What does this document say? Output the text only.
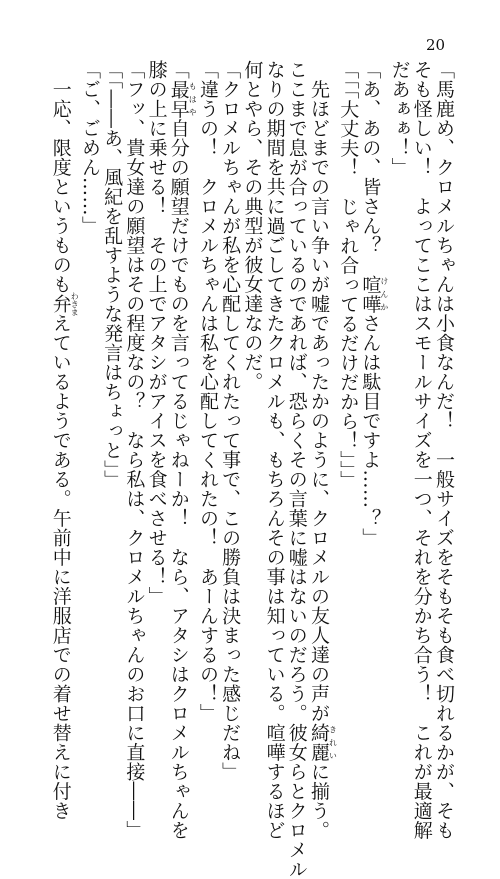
20
「馬鹿め、クロメルちゃんは小食なんだ！　一般サイズをそもそも食べ切れるかが、そも
そも怪しい！　よってここはスモールサイズを一つ、それを分かち合う！　これが最適解
だあぁぁ！」
「あ、あの、皆さん？　喧嘩けんかさんは駄目ですよ……？」
「「「大丈夫！　じゃれ合ってるだけだから！」」」
　先ほどまでの言い争いが嘘であったかのように、クロメルの友人達の声が綺麗きれいに揃う。
ここまで息が合っているのであれば、恐らくその言葉に嘘はないのだろう。彼女らとクロメル
なりの期間を共に過ごしてきたクロメルも、もちろんその事は知っている。喧嘩するほど
何とやら、その典型が彼女達なのだ。
「クロメルちゃんが私を心配してくれたって事で、この勝負は決まった感じだね」
「違うの！　クロメルちゃんは私を心配してくれたの！　あーんするの！」
「最早もはや自分の願望だけでものを言ってるじゃねーか！　なら、アタシはクロメルちゃんを
膝の上に乗せる！　その上でアタシがアイスを食べさせる！」
「フッ、貴女達の願望はその程度なの？　なら私は、クロメルちゃんのお口に直接――」
「「――あ、風紀を乱すような発言はちょっと」」
「ご、ごめん……」
　一応、限度というものも弁わきまえているようである。午前中に洋服店での着せ替えに付き
